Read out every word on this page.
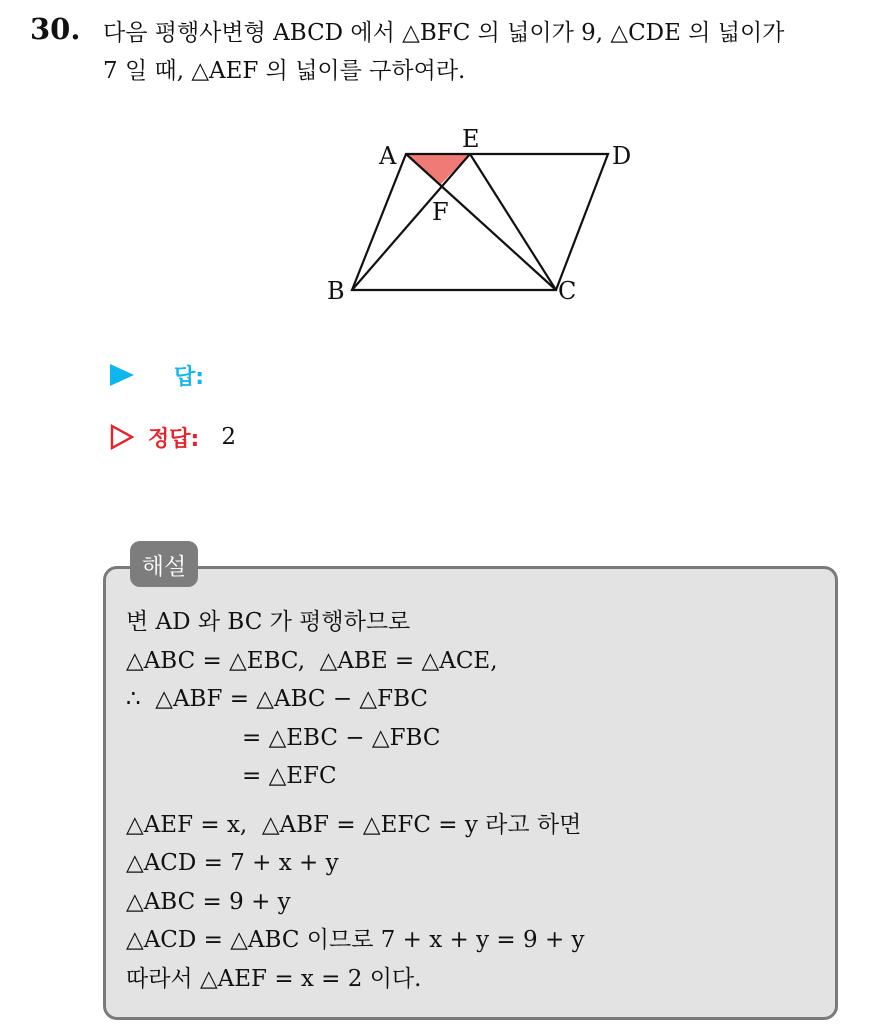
30. 다음 평행사변형 ABCD 에서 △BFC 의 넓이가 9, △CDE 의 넓이가
7 일 때, △AEF 의 넓이를 구하여라.
A
E
D
F
B	C
답:
정답: 2
해설
변 AD 와 BC 가 평행하므로
△ABC = △EBC,  △ABE = △ACE,
∴  △ABF = △ABC − △FBC
= △EBC − △FBC
= △EFC
△AEF = x,  △ABF = △EFC = y 라고 하면
△ACD = 7 + x + y
△ABC = 9 + y
△ACD = △ABC 이므로 7 + x + y = 9 + y
따라서 △AEF = x = 2 이다.
